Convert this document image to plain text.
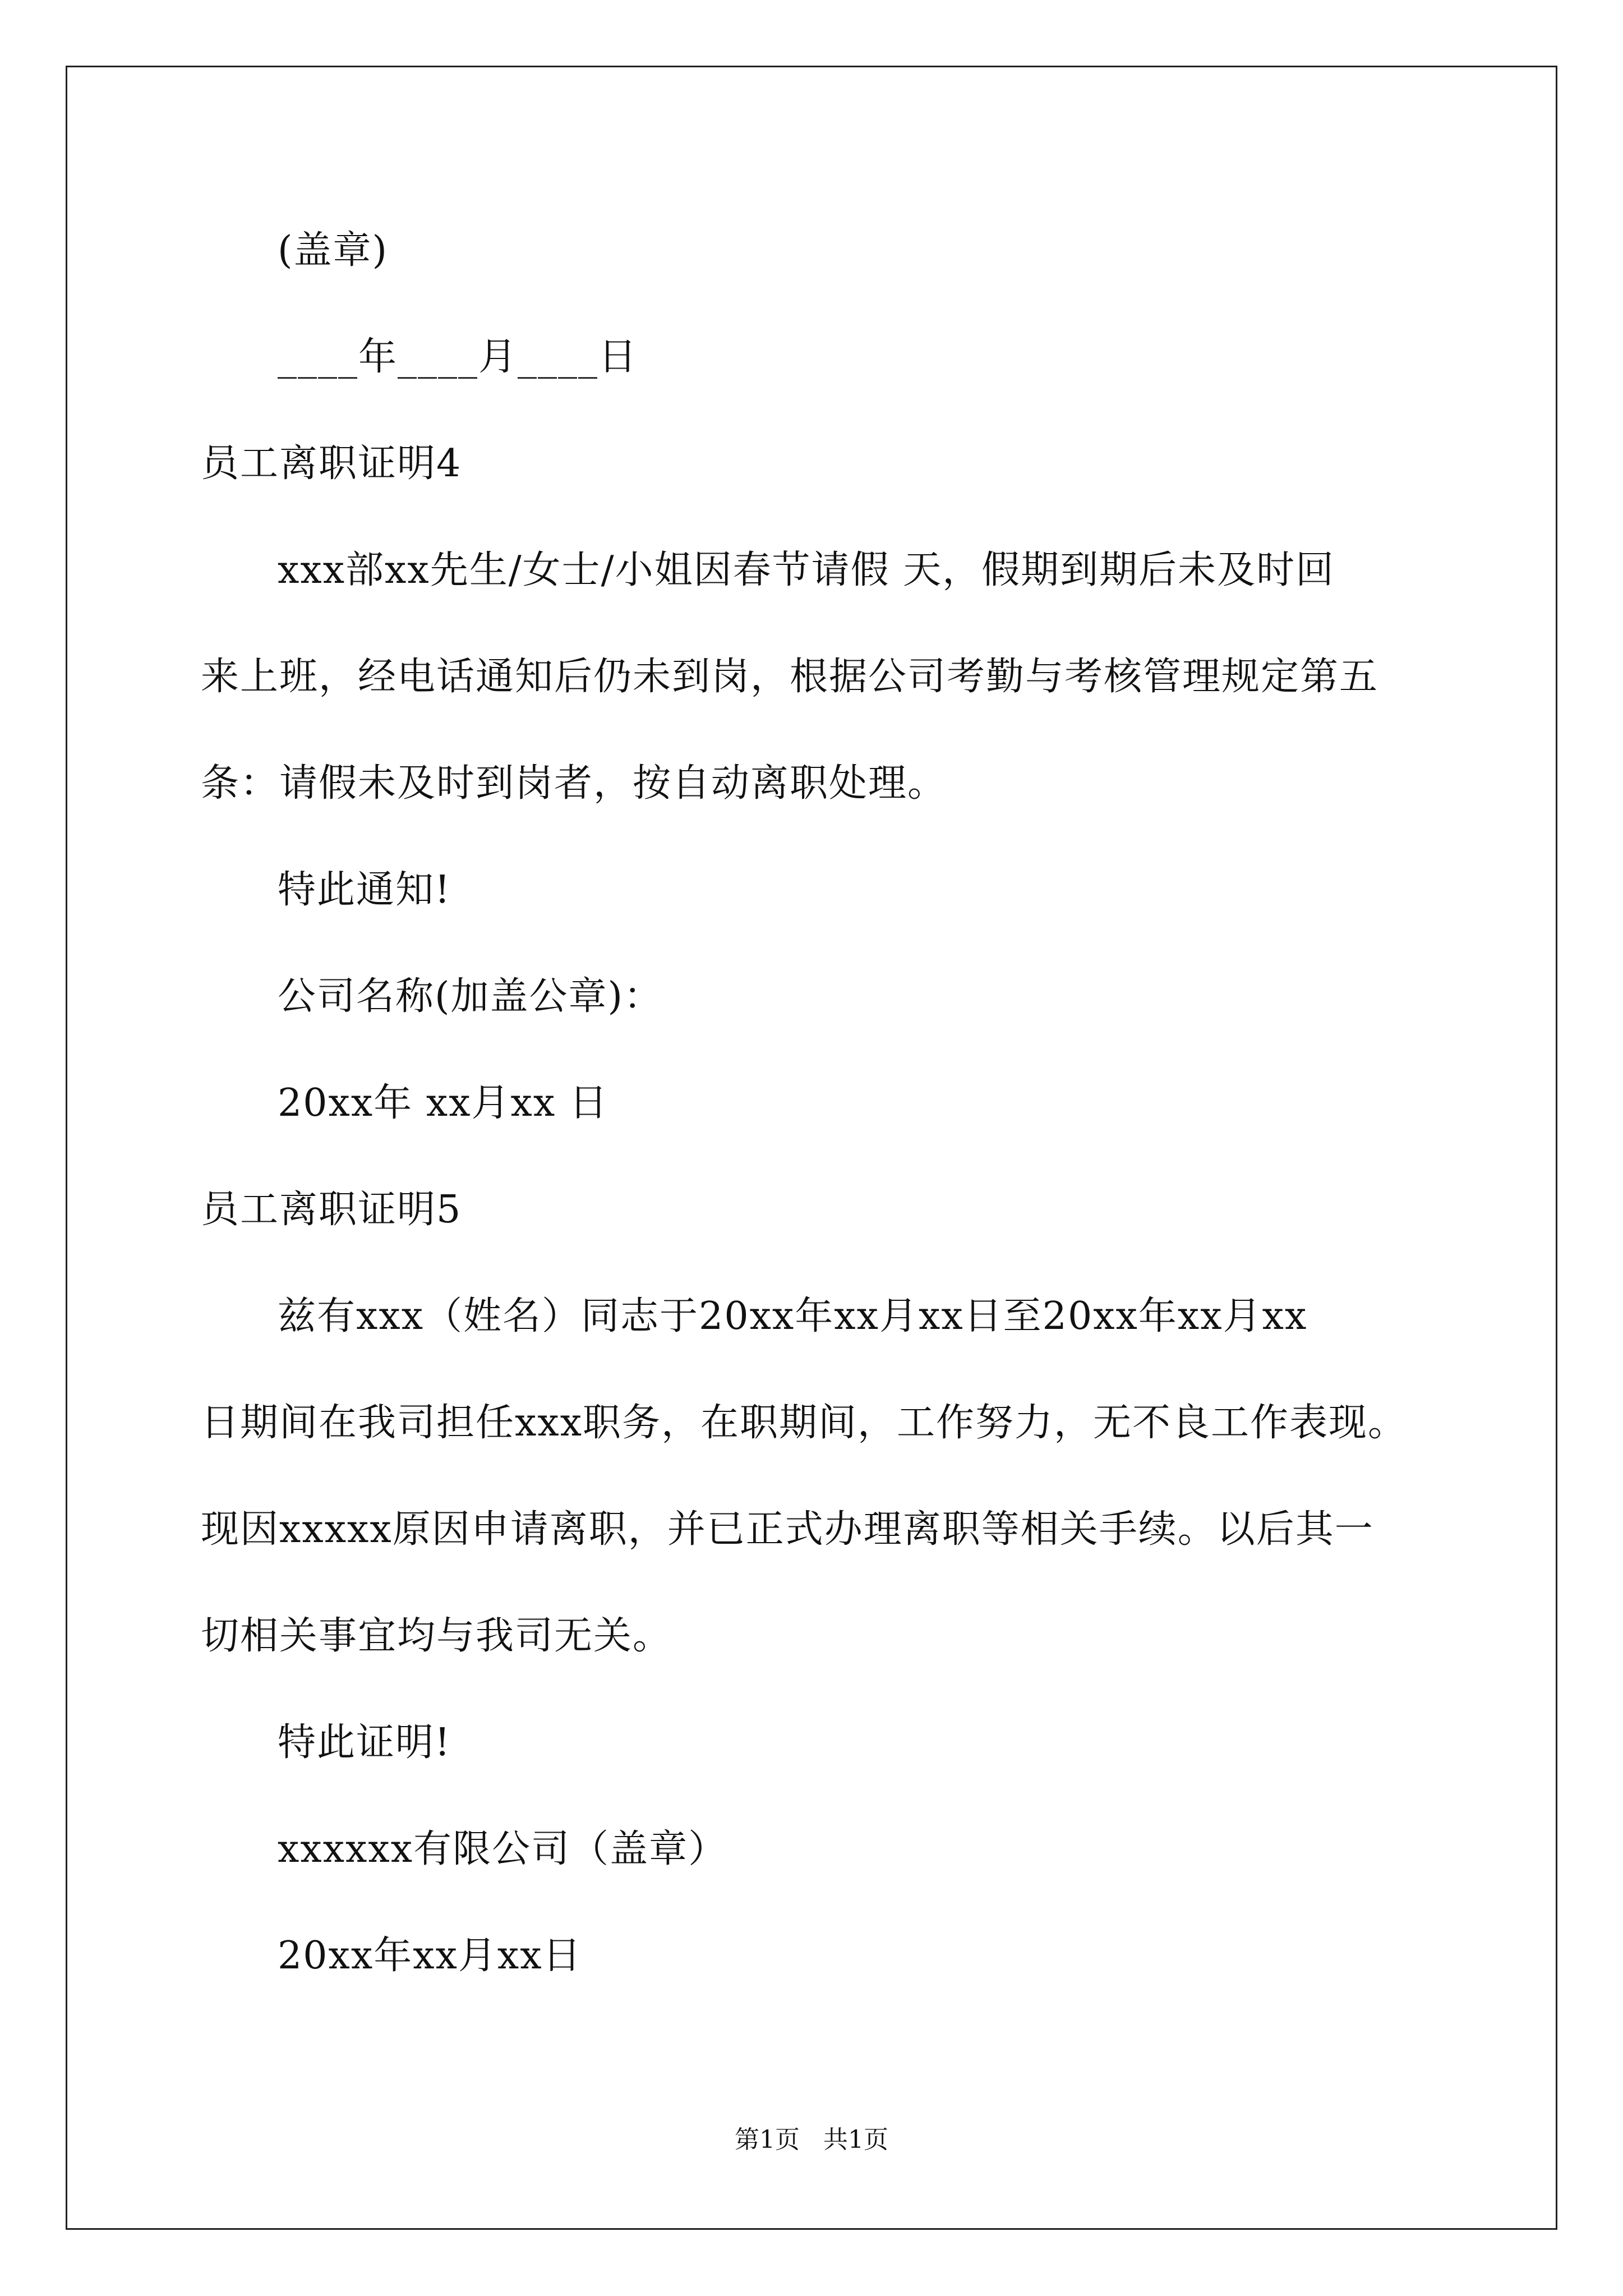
(盖章)
____年____月____日
员工离职证明4
xxx部xx先生/女士/小姐因春节请假 天，假期到期后未及时回
来上班，经电话通知后仍未到岗，根据公司考勤与考核管理规定第五
条：请假未及时到岗者，按自动离职处理。
特此通知!
公司名称(加盖公章)：
20xx年 xx月xx 日
员工离职证明5
兹有xxx（姓名）同志于20xx年xx月xx日至20xx年xx月xx
日期间在我司担任xxx职务，在职期间，工作努力，无不良工作表现。
现因xxxxx原因申请离职，并已正式办理离职等相关手续。以后其一
切相关事宜均与我司无关。
特此证明!
xxxxxx有限公司（盖章）
20xx年xx月xx日
第1页   共1页
